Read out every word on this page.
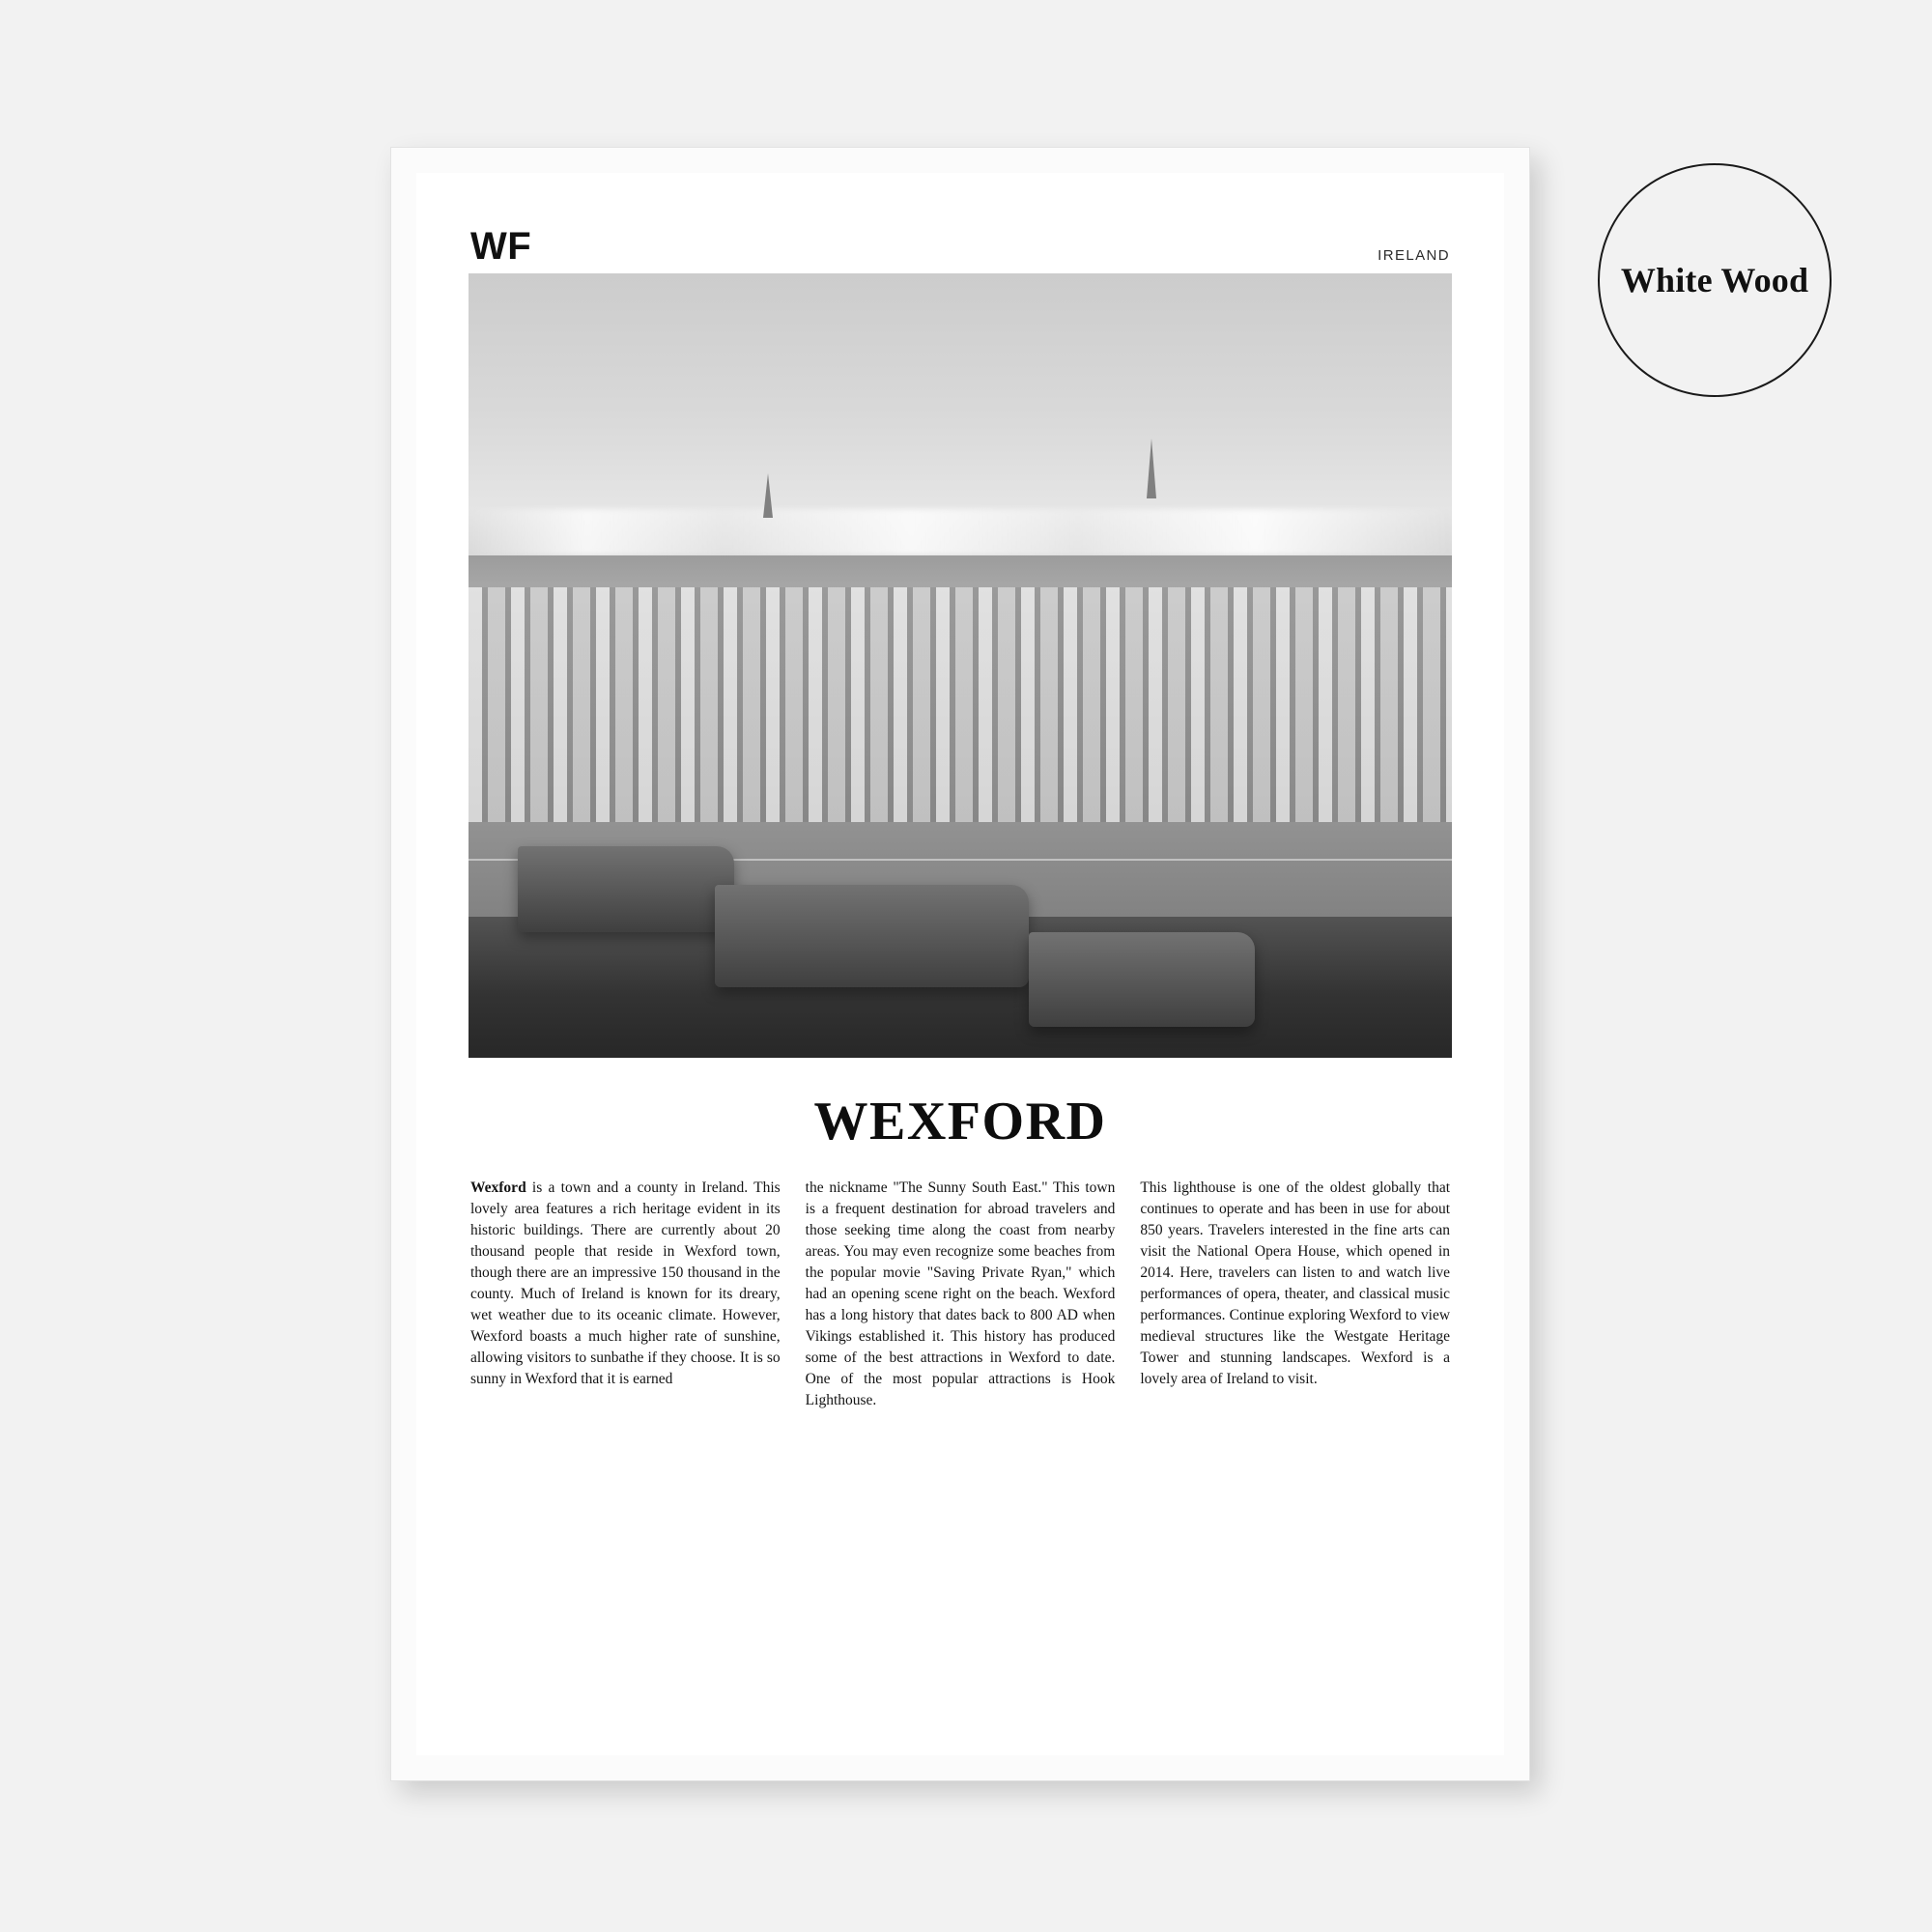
White Wood
WF	IRELAND
WEXFORD
Wexford is a town and a county in Ireland. This lovely area features a rich heritage evident in its historic buildings. There are currently about 20 thousand people that reside in Wexford town, though there are an impressive 150 thousand in the county. Much of Ireland is known for its dreary, wet weather due to its oceanic climate. However, Wexford boasts a much higher rate of sunshine, allowing visitors to sunbathe if they choose. It is so sunny in Wexford that it is earned
the nickname "The Sunny South East." This town is a frequent destination for abroad travelers and those seeking time along the coast from nearby areas. You may even recognize some beaches from the popular movie "Saving Private Ryan," which had an opening scene right on the beach. Wexford has a long history that dates back to 800 AD when Vikings established it. This history has produced some of the best attractions in Wexford to date. One of the most popular attractions is Hook Lighthouse.
This lighthouse is one of the oldest globally that continues to operate and has been in use for about 850 years. Travelers interested in the fine arts can visit the National Opera House, which opened in 2014. Here, travelers can listen to and watch live performances of opera, theater, and classical music performances. Continue exploring Wexford to view medieval structures like the Westgate Heritage Tower and stunning landscapes. Wexford is a lovely area of Ireland to visit.
